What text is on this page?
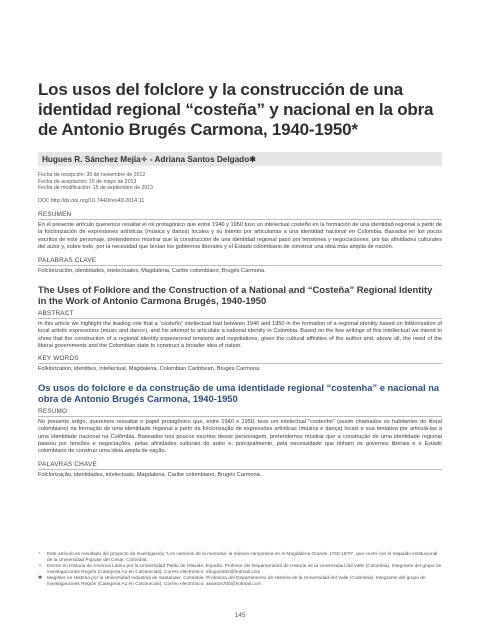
Los usos del folclore y la construcción de una identidad regional “costeña” y nacional en la obra de Antonio Brugés Carmona, 1940-1950*
Hugues R. Sánchez Mejía✧ - Adriana Santos Delgado✱
Fecha de recepción: 30 de noviembre de 2012
Fecha de aceptación: 15 de mayo de 2013
Fecha de modificación: 15 de septiembre de 2013
DOI: http://dx.doi.org/10.7440/res49.2014.11
RESUMEN
En el presente artículo queremos resaltar el rol protagónico que entre 1940 y 1950 tuvo un intelectual costeño en la formación de una identidad regional a partir de la folclorización de expresiones artísticas (música y danza) locales y su intento por articularlas a una identidad nacional en Colombia. Basados en los pocos escritos de este personaje, pretendemos mostrar que la construcción de una identidad regional pasó por tensiones y negociaciones, por las afinidades culturales del autor y, sobre todo, por la necesidad que tenían los gobiernos liberales y el Estado colombiano de construir una idea más amplia de nación.
PALABRAS CLAVE
Folclorización, identidades, intelectuales, Magdalena, Caribe colombiano, Brugés Carmona.
The Uses of Folklore and the Construction of a National and “Costeña” Regional Identity in the Work of Antonio Carmona Brugés, 1940-1950
ABSTRACT
In this article we highlight the leading role that a “costeño” intellectual had between 1940 and 1950 in the formation of a regional identity based on folklorization of local artistic expressions (music and dance), and his attempt to articulate a national identity in Colombia. Based on the few writings of this intellectual we intend to show that the construction of a regional identity experienced tensions and negotiations, given the cultural affinities of the author and, above all, the need of the liberal governments and the Colombian state to construct a broader idea of nation.
KEY WORDS
Folklorization, identities, intellectual, Magdalena, Colombian Caribbean, Brugés Carmona.
Os usos do folclore e da construção de uma identidade regional “costenha” e nacional na obra de Antonio Brugés Carmona, 1940-1950
RESUMO
No presente artigo, queremos ressaltar o papel protagônico que, entre 1940 e 1950, teve um intelectual “costenho” (assim chamados os habitantes do litoral colombiano) na formação de uma identidade regional a partir da folclorização de expressões artísticas (música e dança) locais e sua tentativa por articulá-las a uma identidade nacional na Colômbia. Baseados nos poucos escritos desse personagem, pretendemos mostrar que a construção de uma identidade regional passou por tensões e negociações, pelas afinidades culturais do autor e, principalmente, pela necessidade que tinham os governos liberais e o Estado colombiano de construir uma ideia ampla de nação.
PALAVRAS CHAVE
Folclorização, identidades, intelectuais, Magdalena, Caribe colombiano, Brugés Carmona.
*	Este artículo es resultado del proyecto de investigación “Los caminos de la memoria: la música campesina en el Magdalena Grande 1750-1970”, que contó con el respaldo institucional de la Universidad Popular del Cesar, Colombia.
✧	Doctor en Historia de América Latina por la Universidad Pablo de Olavide, España. Profesor del Departamento de Historia de la Universidad del Valle (Colombia). Integrante del grupo de investigaciones Región (Categoría A1 en Colciencias). Correo electrónico: ahugues82@hotmail.com
✱	Magíster en Historia por la Universidad Industrial de Santander, Colombia. Profesora del Departamento de Historia de la Universidad del Valle (Colombia). Integrante del grupo de investigaciones Región (Categoría A1 en Colciencias). Correo electrónico: asantos700@hotmail.com
145
